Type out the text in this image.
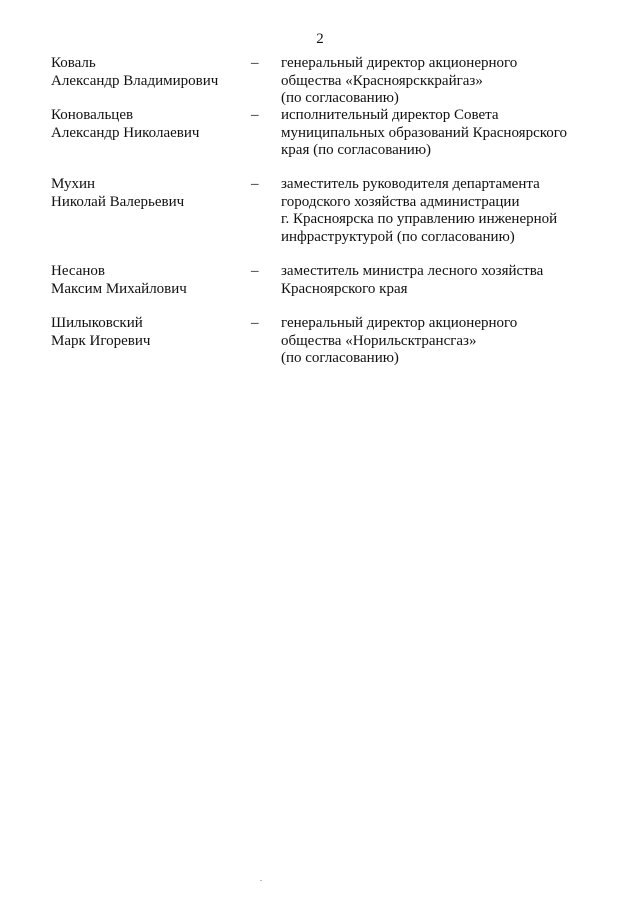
2
Коваль
Александр Владимирович
–	генеральный директор акционерного
общества «Красноярсккрайгаз»
(по согласованию)
Коновальцев
Александр Николаевич
–	исполнительный директор Совета
муниципальных образований Красноярского
края (по согласованию)
Мухин
Николай Валерьевич
–	заместитель руководителя департамента
городского хозяйства администрации
г. Красноярска по управлению инженерной
инфраструктурой (по согласованию)
Несанов
Максим Михайлович
–	заместитель министра лесного хозяйства
Красноярского края
Шилыковский
Марк Игоревич
–	генеральный директор акционерного
общества «Норильсктрансгаз»
(по согласованию)
